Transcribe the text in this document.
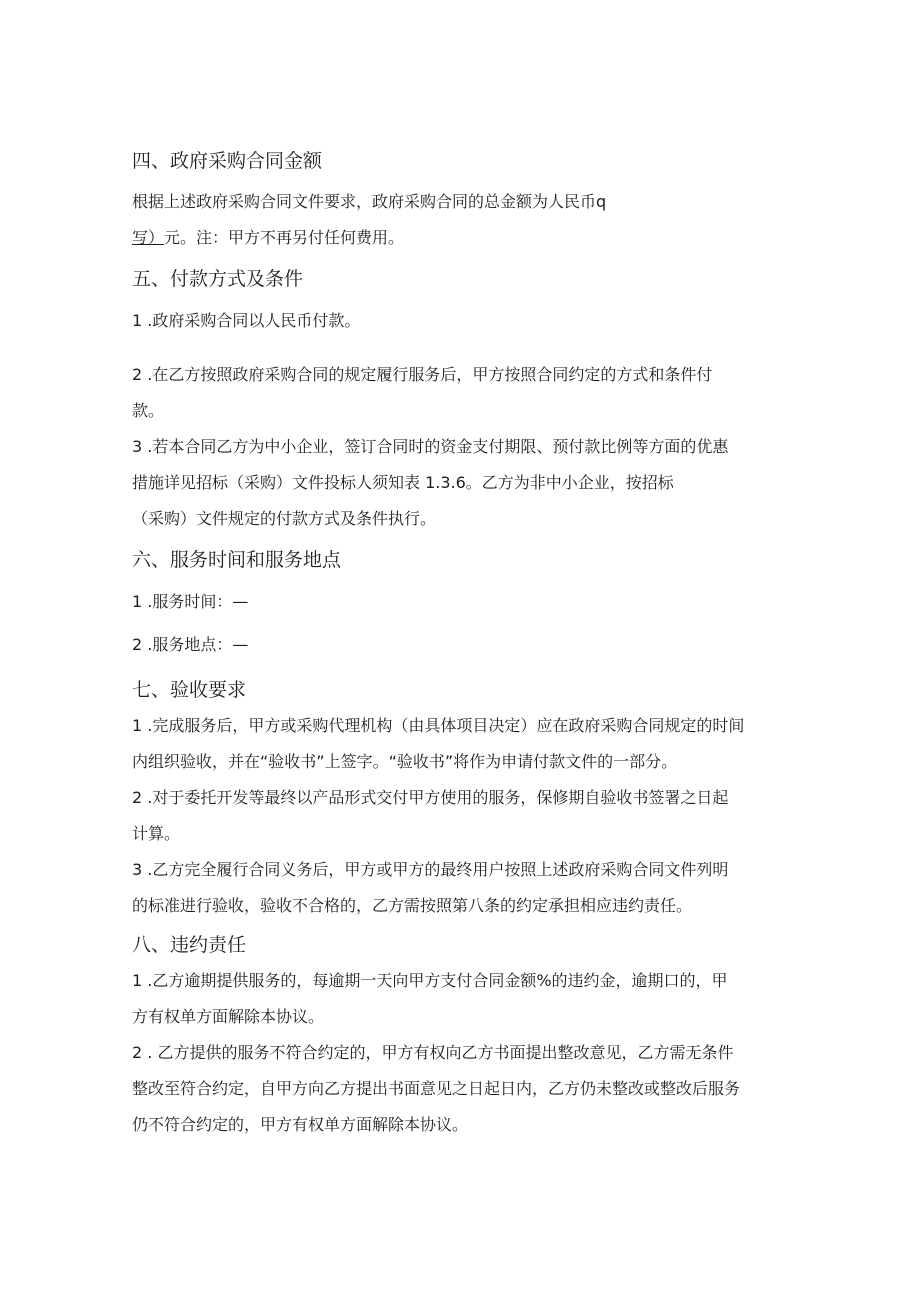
四、政府采购合同金额
根据上述政府采购合同文件要求，政府采购合同的总金额为人民币q
写）元。注：甲方不再另付任何费用。
五、付款方式及条件
1 .政府采购合同以人民币付款。
2 .在乙方按照政府采购合同的规定履行服务后，甲方按照合同约定的方式和条件付
款。
3 .若本合同乙方为中小企业，签订合同时的资金支付期限、预付款比例等方面的优惠
措施详见招标（采购）文件投标人须知表 1.3.6。乙方为非中小企业，按招标
（采购）文件规定的付款方式及条件执行。
六、服务时间和服务地点
1 .服务时间：—
2 .服务地点：—
七、验收要求
1 .完成服务后，甲方或采购代理机构（由具体项目决定）应在政府采购合同规定的时间
内组织验收，并在“验收书”上签字。“验收书”将作为申请付款文件的一部分。
2 .对于委托开发等最终以产品形式交付甲方使用的服务，保修期自验收书签署之日起
计算。
3 .乙方完全履行合同义务后，甲方或甲方的最终用户按照上述政府采购合同文件列明
的标准进行验收，验收不合格的，乙方需按照第八条的约定承担相应违约责任。
八、违约责任
1 .乙方逾期提供服务的，每逾期一天向甲方支付合同金额%的违约金，逾期口的，甲
方有权单方面解除本协议。
2 . 乙方提供的服务不符合约定的，甲方有权向乙方书面提出整改意见，乙方需无条件
整改至符合约定，自甲方向乙方提出书面意见之日起日内，乙方仍未整改或整改后服务
仍不符合约定的，甲方有权单方面解除本协议。
